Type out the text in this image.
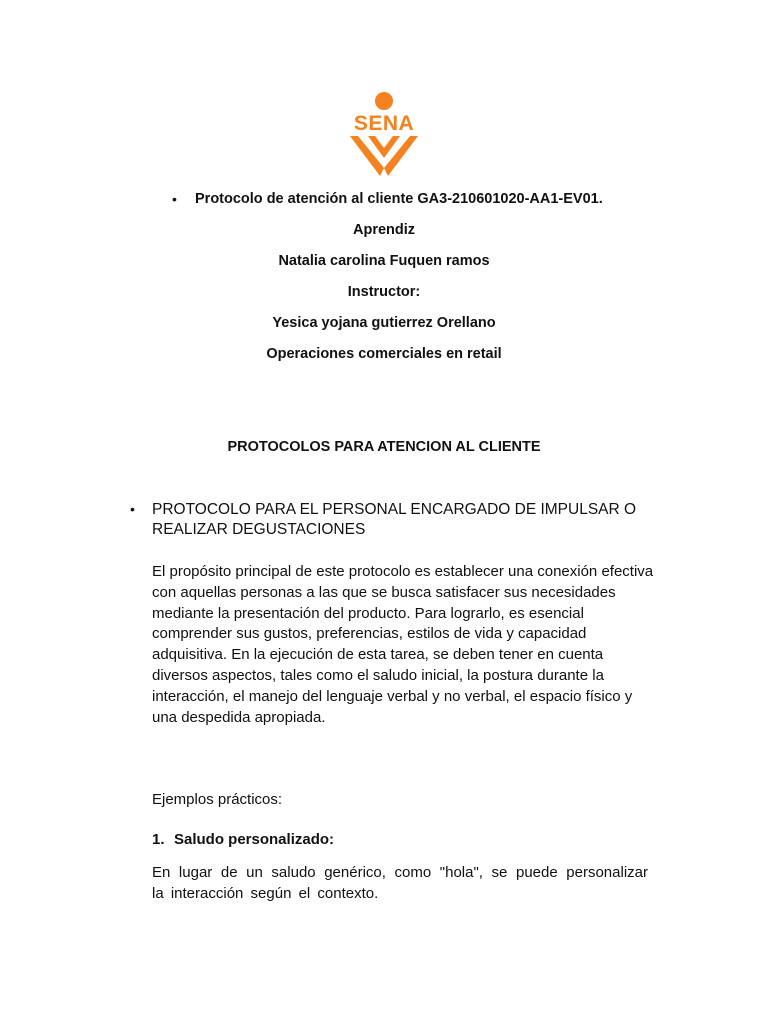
SENA
• Protocolo de atención al cliente GA3-210601020-AA1-EV01.
Aprendiz
Natalia carolina Fuquen ramos
Instructor:
Yesica yojana gutierrez Orellano
Operaciones comerciales en retail
PROTOCOLOS PARA ATENCION AL CLIENTE
• PROTOCOLO PARA EL PERSONAL ENCARGADO DE IMPULSAR O REALIZAR DEGUSTACIONES
El propósito principal de este protocolo es establecer una conexión efectiva
con aquellas personas a las que se busca satisfacer sus necesidades
mediante la presentación del producto. Para lograrlo, es esencial
comprender sus gustos, preferencias, estilos de vida y capacidad
adquisitiva. En la ejecución de esta tarea, se deben tener en cuenta
diversos aspectos, tales como el saludo inicial, la postura durante la
interacción, el manejo del lenguaje verbal y no verbal, el espacio físico y
una despedida apropiada.
Ejemplos prácticos:
1. Saludo personalizado:
En lugar de un saludo genérico, como "hola", se puede personalizar
la interacción según el contexto.
